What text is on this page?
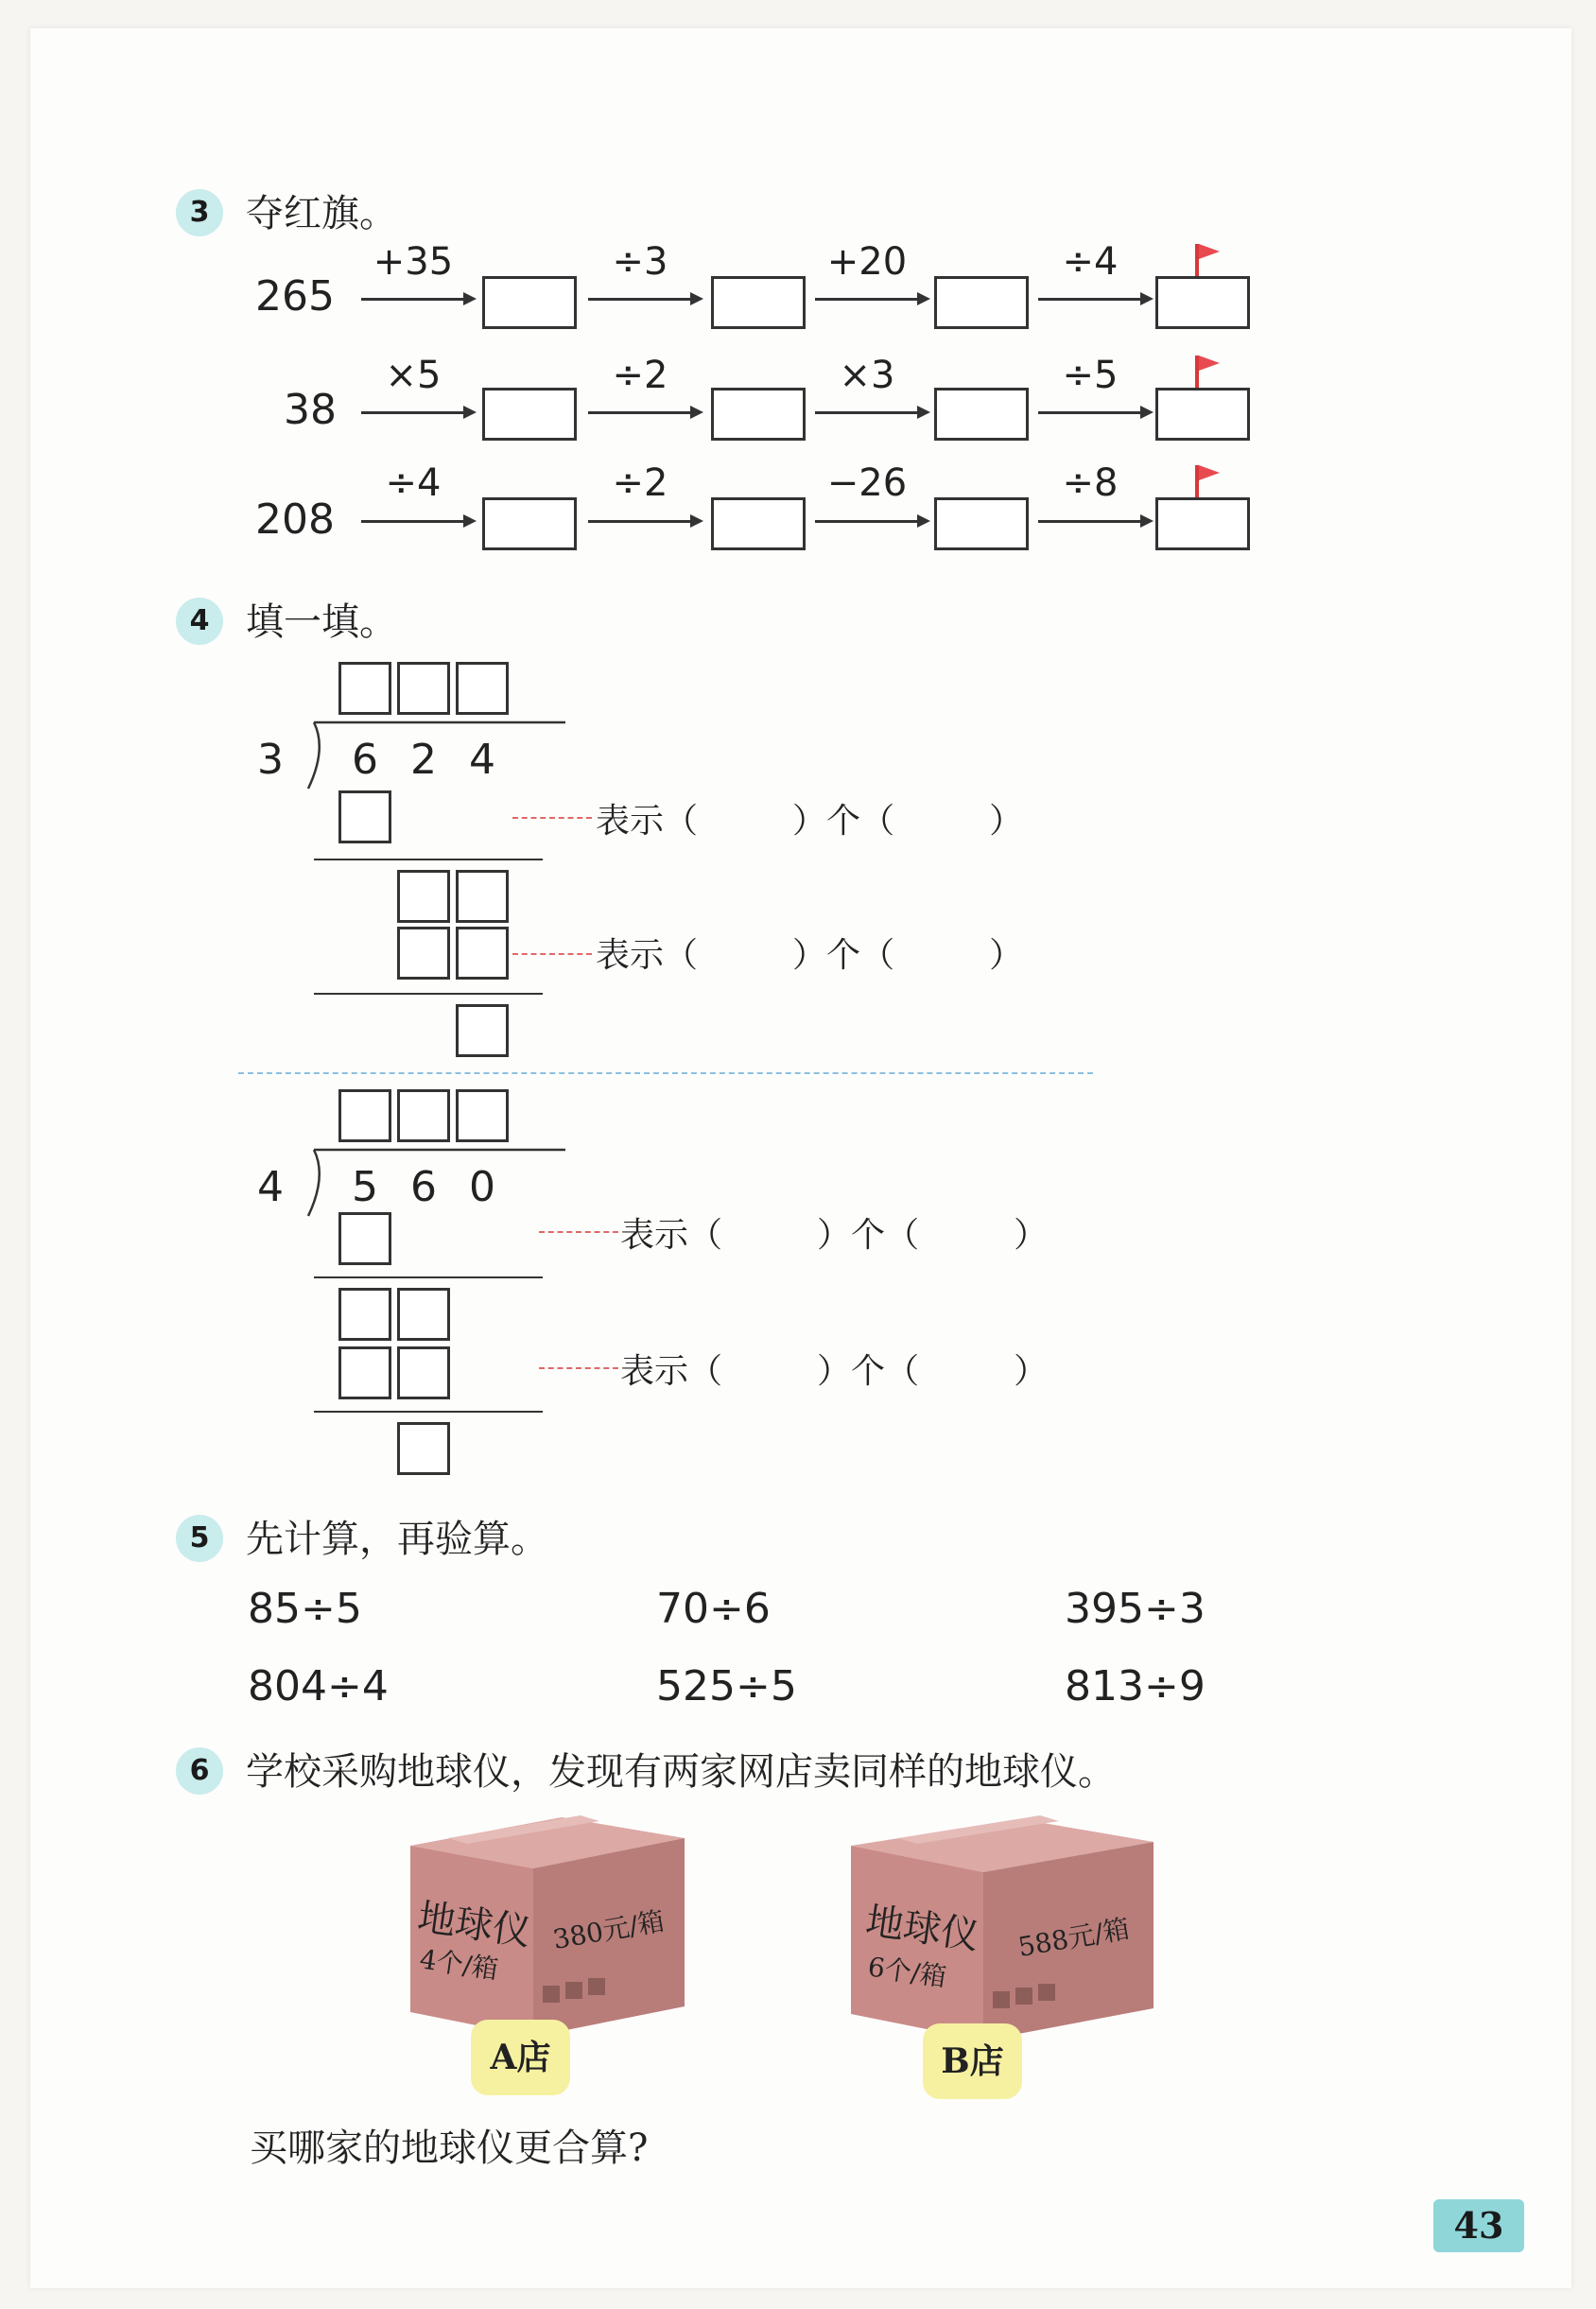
3 夺红旗。
265
+35	÷3	+20	÷4
38
×5	÷2	×3	÷5
208
÷4	÷2	−26	÷8
4 填一填。
3 6 2 4
表示（	）个（	）
表示（	）个（	）
4 5 6 0
表示（	）个（	）
表示（	）个（	）
5 先计算，再验算。
85÷5	70÷6	395÷3
804÷4	525÷5	813÷9
6 学校采购地球仪，发现有两家网店卖同样的地球仪。
地球仪
4个/箱
380元/箱
A店
地球仪
6个/箱
588元/箱
B店
买哪家的地球仪更合算?
43
